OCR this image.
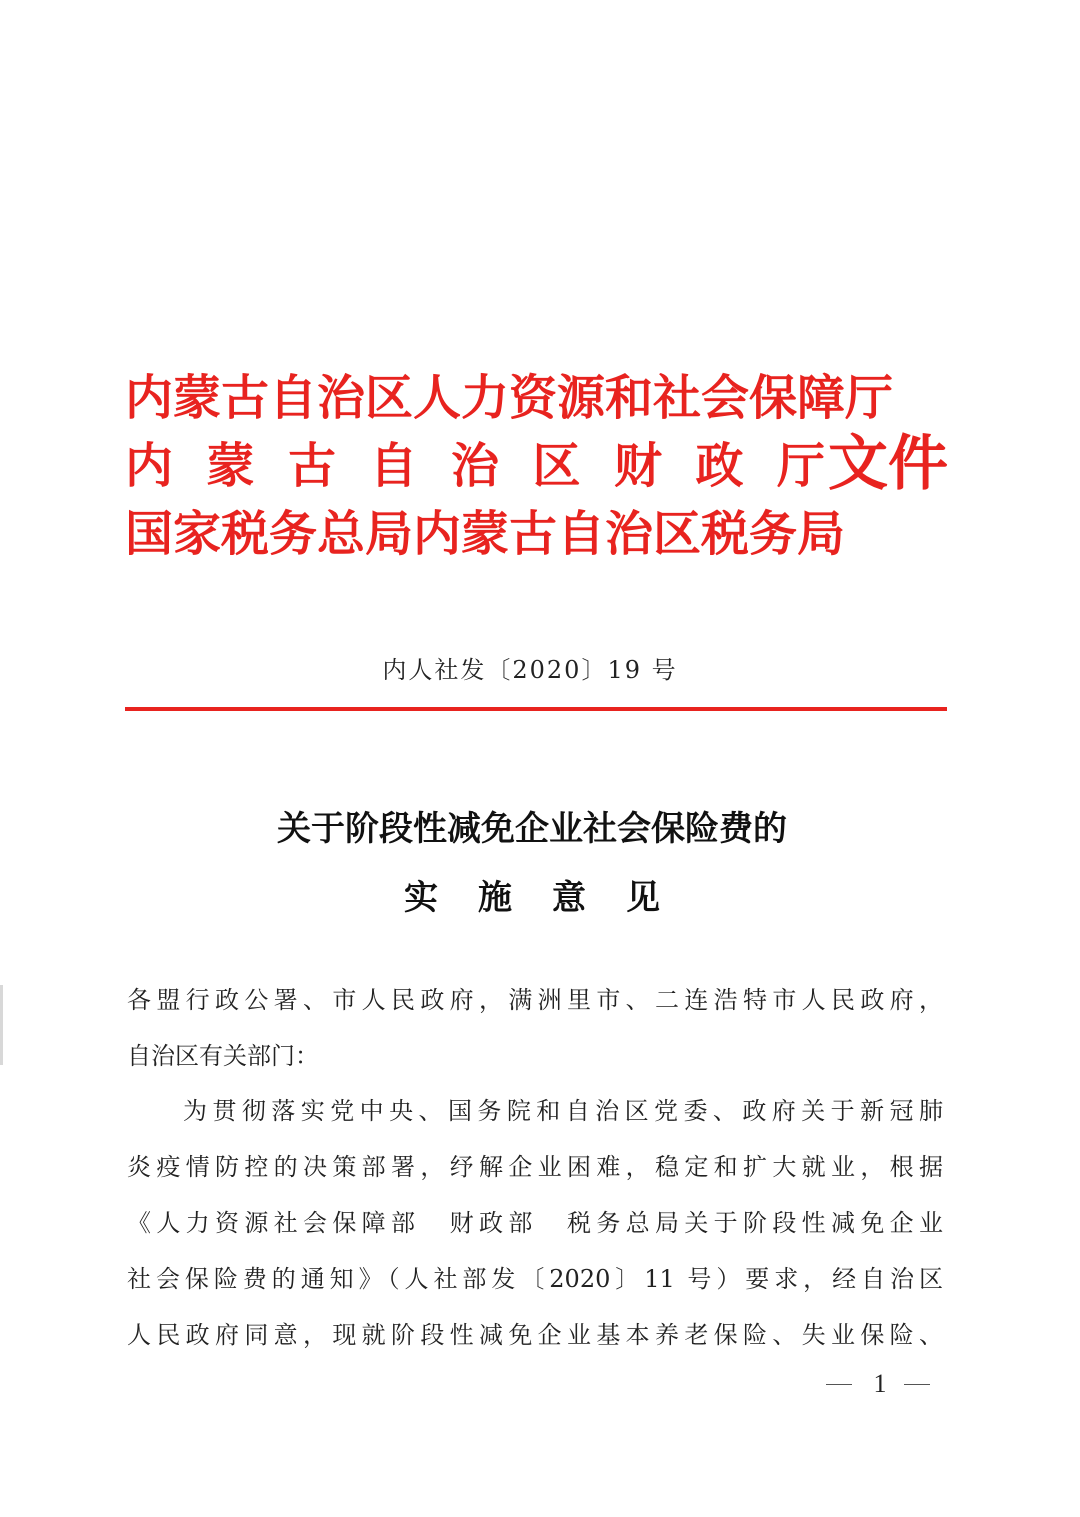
内蒙古自治区人力资源和社会保障厅
内蒙古自治区财政厅
国家税务总局内蒙古自治区税务局
文件
内人社发〔2020〕19 号
关于阶段性减免企业社会保险费的
实施意见
各盟行政公署、市人民政府，满洲里市、二连浩特市人民政府，
自治区有关部门：
为贯彻落实党中央、国务院和自治区党委、政府关于新冠肺
炎疫情防控的决策部署，纾解企业困难，稳定和扩大就业，根据
《人力资源社会保障部　财政部　税务总局关于阶段性减免企业
社会保险费的通知》（人社部发〔2020〕11 号）要求，经自治区
人民政府同意，现就阶段性减免企业基本养老保险、失业保险、
1
